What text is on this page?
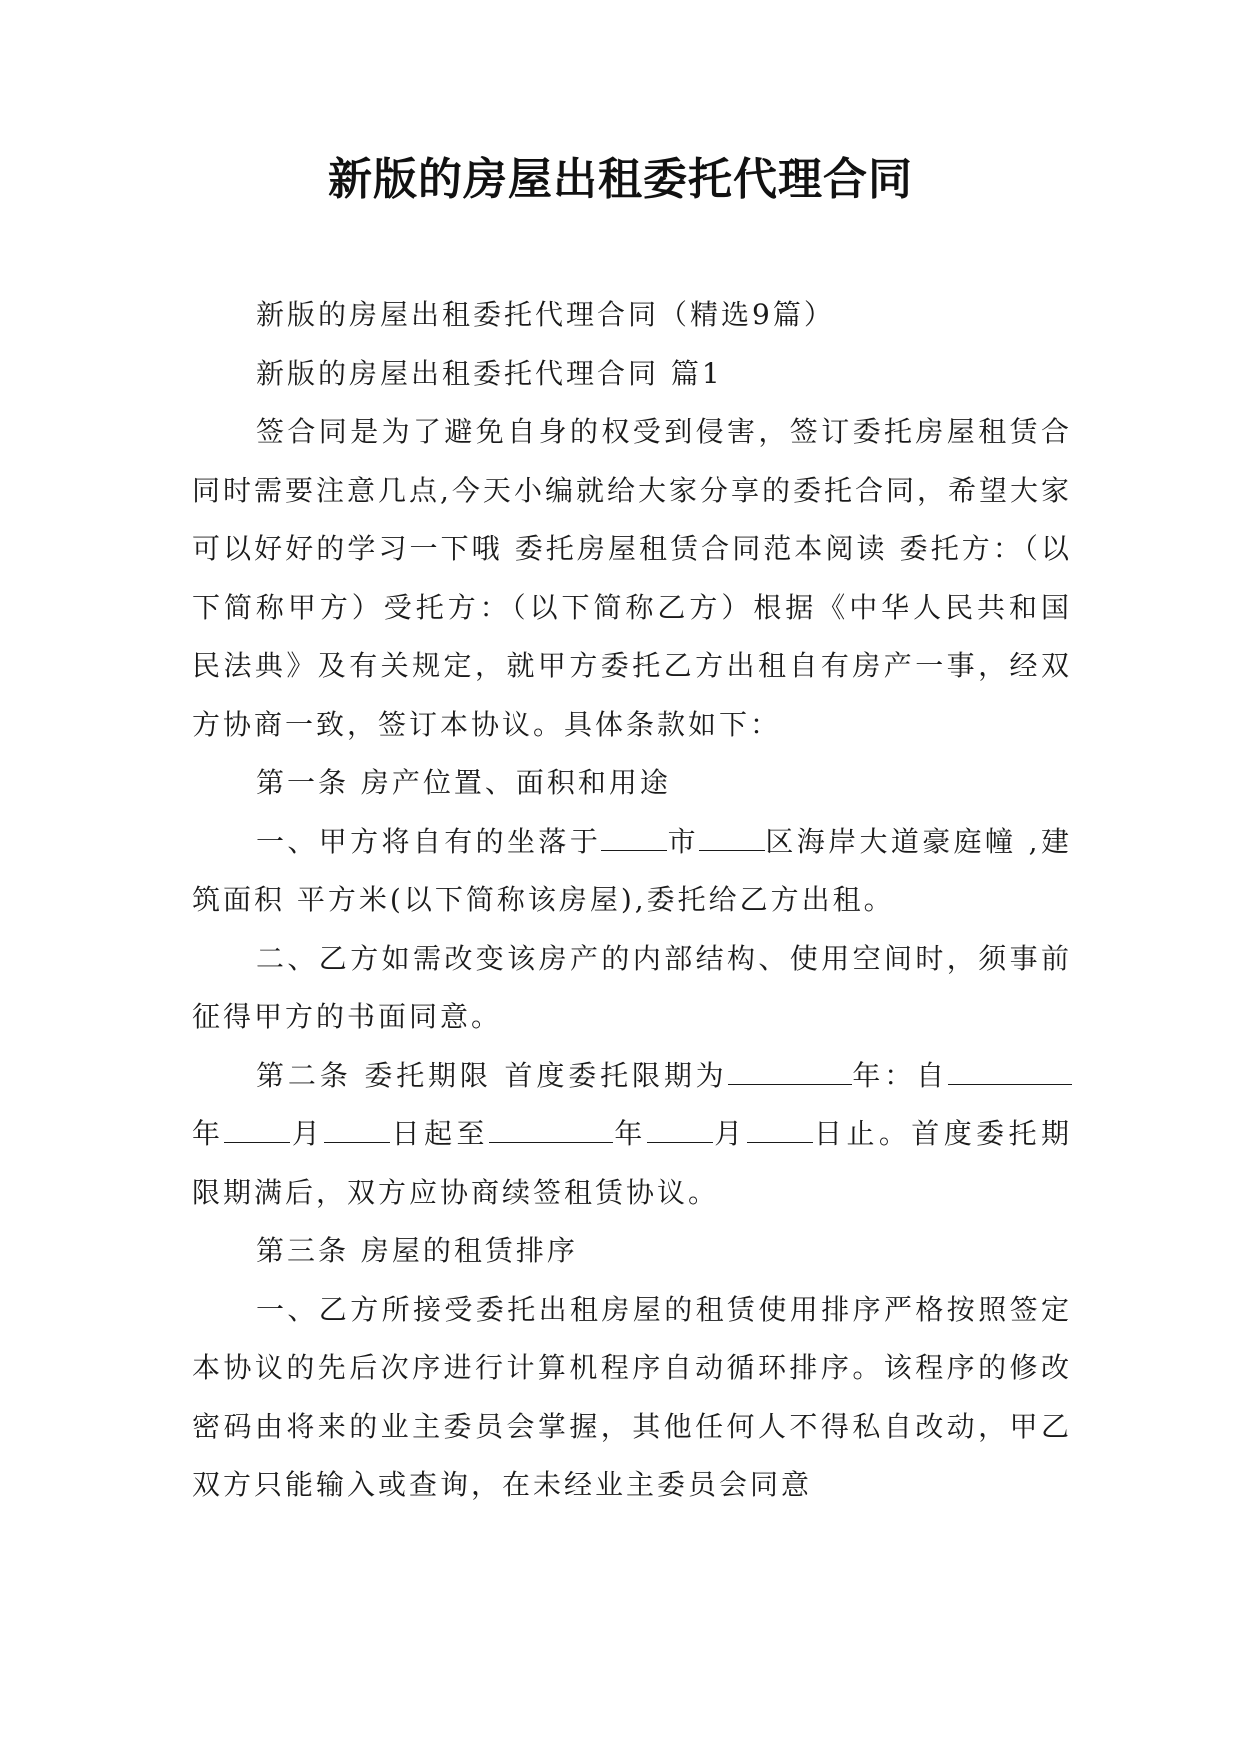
新版的房屋出租委托代理合同

新版的房屋出租委托代理合同（精选9篇）

新版的房屋出租委托代理合同 篇1

签合同是为了避免自身的权受到侵害，签订委托房屋租赁合同时需要注意几点,今天小编就给大家分享的委托合同，希望大家可以好好的学习一下哦 委托房屋租赁合同范本阅读 委托方：（以下简称甲方）受托方：（以下简称乙方）根据《中华人民共和国民法典》及有关规定，就甲方委托乙方出租自有房产一事，经双方协商一致，签订本协议。具体条款如下：

第一条 房产位置、面积和用途

一、甲方将自有的坐落于 市 区海岸大道豪庭幢 ,建筑面积 平方米(以下简称该房屋),委托给乙方出租。

二、乙方如需改变该房产的内部结构、使用空间时，须事前征得甲方的书面同意。

第二条 委托期限 首度委托限期为	年：自年 月 日起至	年 月 日止。首度委托期限期满后，双方应协商续签租赁协议。

第三条 房屋的租赁排序

一、乙方所接受委托出租房屋的租赁使用排序严格按照签定本协议的先后次序进行计算机程序自动循环排序。该程序的修改密码由将来的业主委员会掌握，其他任何人不得私自改动，甲乙双方只能输入或查询，在未经业主委员会同意
